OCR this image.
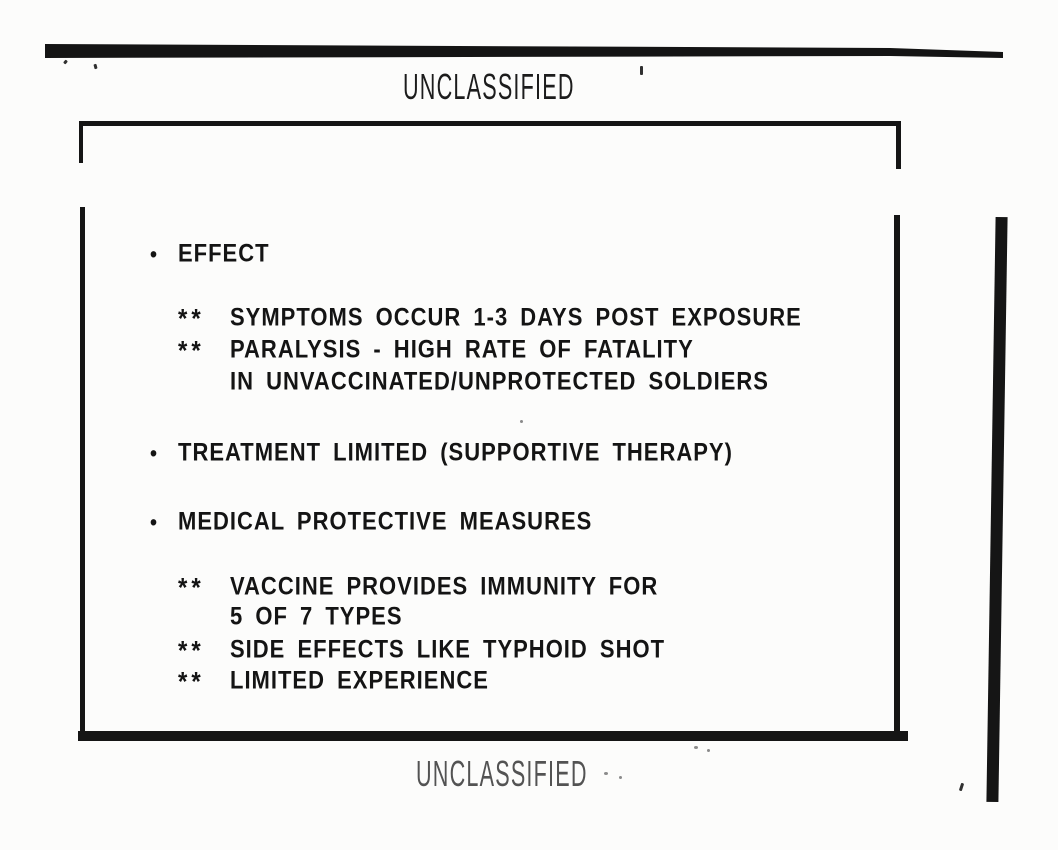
UNCLASSIFIED
• EFFECT
** SYMPTOMS OCCUR 1-3 DAYS POST EXPOSURE
** PARALYSIS - HIGH RATE OF FATALITY
IN UNVACCINATED/UNPROTECTED SOLDIERS
• TREATMENT LIMITED (SUPPORTIVE THERAPY)
• MEDICAL PROTECTIVE MEASURES
** VACCINE PROVIDES IMMUNITY FOR
5 OF 7 TYPES
** SIDE EFFECTS LIKE TYPHOID SHOT
** LIMITED EXPERIENCE
UNCLASSIFIED
